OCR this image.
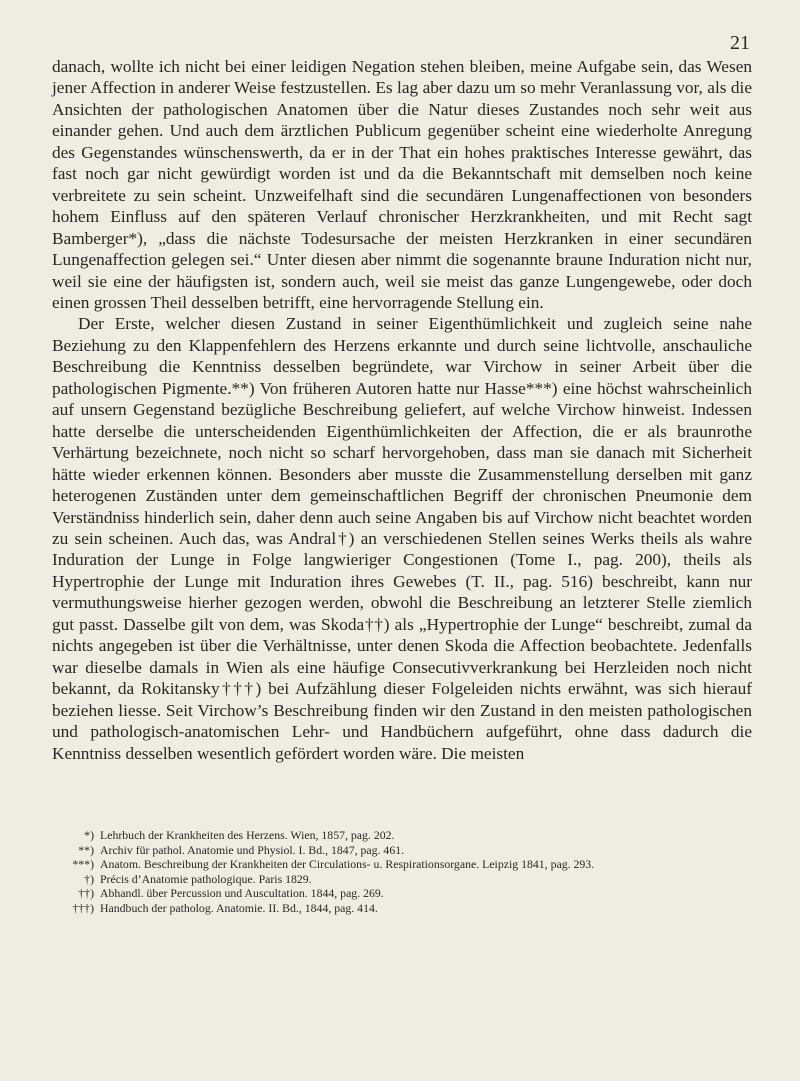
21

danach, wollte ich nicht bei einer leidigen Negation stehen bleiben, meine Aufgabe sein, das Wesen jener Affection in anderer Weise festzustellen. Es lag aber dazu um so mehr Veranlassung vor, als die Ansichten der pathologischen Anatomen über die Natur dieses Zustandes noch sehr weit aus einander gehen. Und auch dem ärztlichen Publicum gegenüber scheint eine wiederholte Anregung des Gegenstandes wünschenswerth, da er in der That ein hohes praktisches Interesse gewährt, das fast noch gar nicht gewürdigt worden ist und da die Bekanntschaft mit demselben noch keine verbreitete zu sein scheint. Unzweifelhaft sind die secundären Lungenaffectionen von besonders hohem Einfluss auf den späteren Verlauf chronischer Herzkrankheiten, und mit Recht sagt Bamberger*), „dass die nächste Todesursache der meisten Herzkranken in einer secundären Lungenaffection gelegen sei.“ Unter diesen aber nimmt die sogenannte braune Induration nicht nur, weil sie eine der häufigsten ist, sondern auch, weil sie meist das ganze Lungengewebe, oder doch einen grossen Theil desselben betrifft, eine hervorragende Stellung ein.

Der Erste, welcher diesen Zustand in seiner Eigenthümlichkeit und zugleich seine nahe Beziehung zu den Klappenfehlern des Herzens erkannte und durch seine lichtvolle, anschauliche Beschreibung die Kenntniss desselben begründete, war Virchow in seiner Arbeit über die pathologischen Pigmente.**) Von früheren Autoren hatte nur Hasse***) eine höchst wahrscheinlich auf unsern Gegenstand bezügliche Beschreibung geliefert, auf welche Virchow hinweist. Indessen hatte derselbe die unterscheidenden Eigenthümlichkeiten der Affection, die er als braunrothe Verhärtung bezeichnete, noch nicht so scharf hervorgehoben, dass man sie danach mit Sicherheit hätte wieder erkennen können. Besonders aber musste die Zusammenstellung derselben mit ganz heterogenen Zuständen unter dem gemeinschaftlichen Begriff der chronischen Pneumonie dem Verständniss hinderlich sein, daher denn auch seine Angaben bis auf Virchow nicht beachtet worden zu sein scheinen. Auch das, was Andral†) an verschiedenen Stellen seines Werks theils als wahre Induration der Lunge in Folge langwieriger Congestionen (Tome I., pag. 200), theils als Hypertrophie der Lunge mit Induration ihres Gewebes (T. II., pag. 516) beschreibt, kann nur vermuthungsweise hierher gezogen werden, obwohl die Beschreibung an letzterer Stelle ziemlich gut passt. Dasselbe gilt von dem, was Skoda††) als „Hypertrophie der Lunge“ beschreibt, zumal da nichts angegeben ist über die Verhältnisse, unter denen Skoda die Affection beobachtete. Jedenfalls war dieselbe damals in Wien als eine häufige Consecutivverkrankung bei Herzleiden noch nicht bekannt, da Rokitansky†††) bei Aufzählung dieser Folgeleiden nichts erwähnt, was sich hierauf beziehen liesse. Seit Virchow’s Beschreibung finden wir den Zustand in den meisten pathologischen und pathologisch-anatomischen Lehr- und Handbüchern aufgeführt, ohne dass dadurch die Kenntniss desselben wesentlich gefördert worden wäre. Die meisten

*) Lehrbuch der Krankheiten des Herzens. Wien, 1857, pag. 202.
**) Archiv für pathol. Anatomie und Physiol. I. Bd., 1847, pag. 461.
***) Anatom. Beschreibung der Krankheiten der Circulations- u. Respirationsorgane. Leipzig 1841, pag. 293.
†) Précis d’Anatomie pathologique. Paris 1829.
††) Abhandl. über Percussion und Auscultation. 1844, pag. 269.
†††) Handbuch der patholog. Anatomie. II. Bd., 1844, pag. 414.
